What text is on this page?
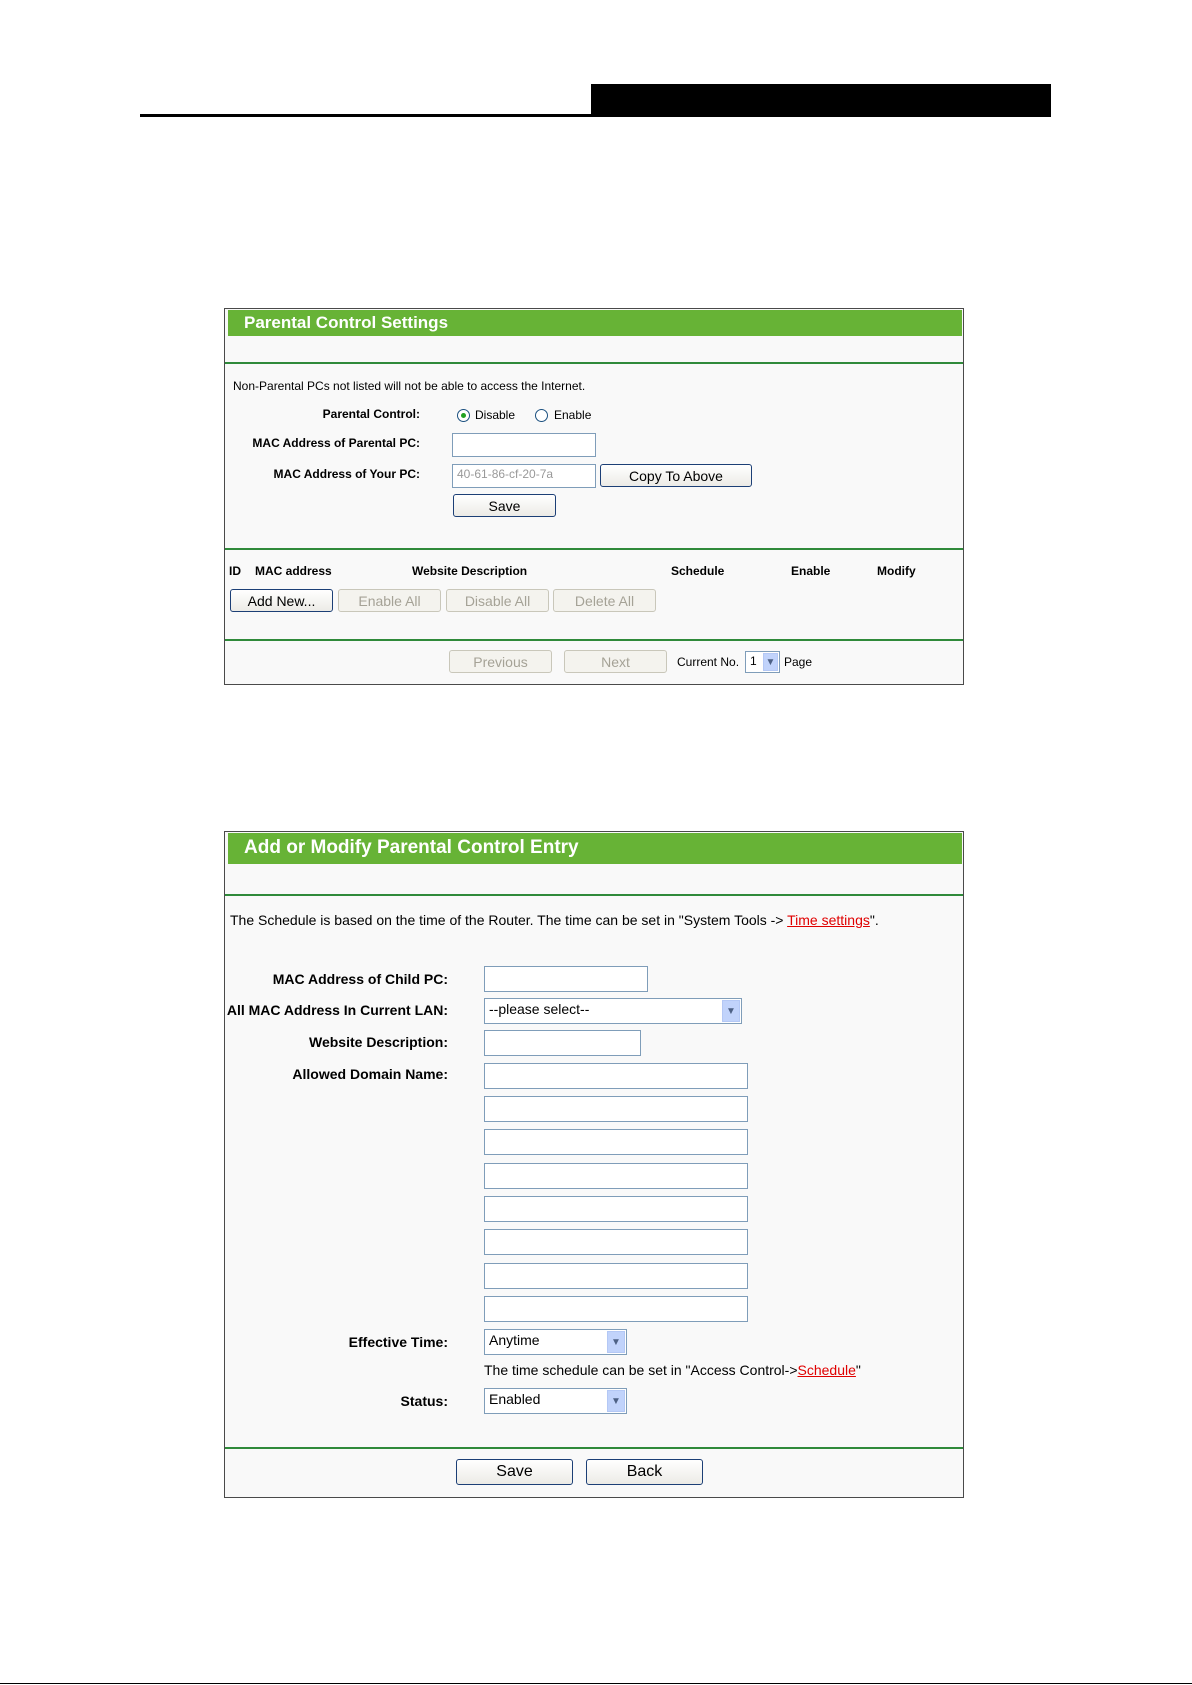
Parental Control Settings
Non-Parental PCs not listed will not be able to access the Internet.
Parental Control:	Disable	Enable
MAC Address of Parental PC:
MAC Address of Your PC:	40-61-86-cf-20-7a	Copy To Above
Save
ID MAC address	Website Description	Schedule	Enable	Modify
Add New...	Enable All	Disable All	Delete All
Previous	Next	Current No. 1 ▼ Page
Add or Modify Parental Control Entry
The Schedule is based on the time of the Router. The time can be set in "System Tools -> Time settings".
MAC Address of Child PC:
All MAC Address In Current LAN:	--please select--	▼
Website Description:
Allowed Domain Name:
Effective Time:	Anytime	▼
The time schedule can be set in "Access Control->Schedule"
Status:	Enabled	▼
Save	Back
